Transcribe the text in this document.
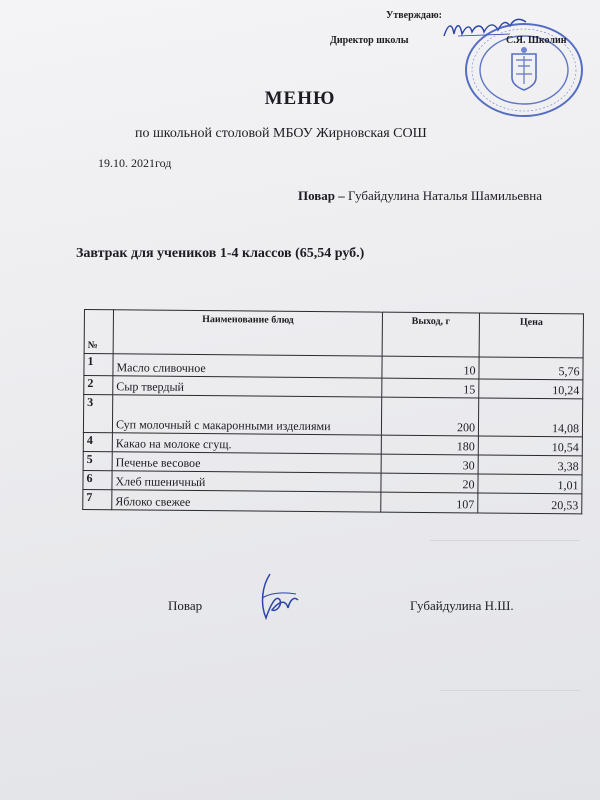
Утверждаю:
Директор школы	С.Я. Школин
МЕНЮ
по школьной столовой МБОУ Жирновская СОШ
19.10. 2021год
Повар – Губайдулина Наталья Шамильевна
Завтрак для учеников 1-4 классов (65,54 руб.)
№	Наименование блюд	Выход, г	Цена
1	Масло сливочное	10	5,76
2	Сыр твердый	15	10,24
3	Суп молочный с макаронными изделиями	200	14,08
4	Какао на молоке сгущ.	180	10,54
5	Печенье весовое	30	3,38
6	Хлеб пшеничный	20	1,01
7	Яблоко свежее	107	20,53
Повар	Губайдулина Н.Ш.
